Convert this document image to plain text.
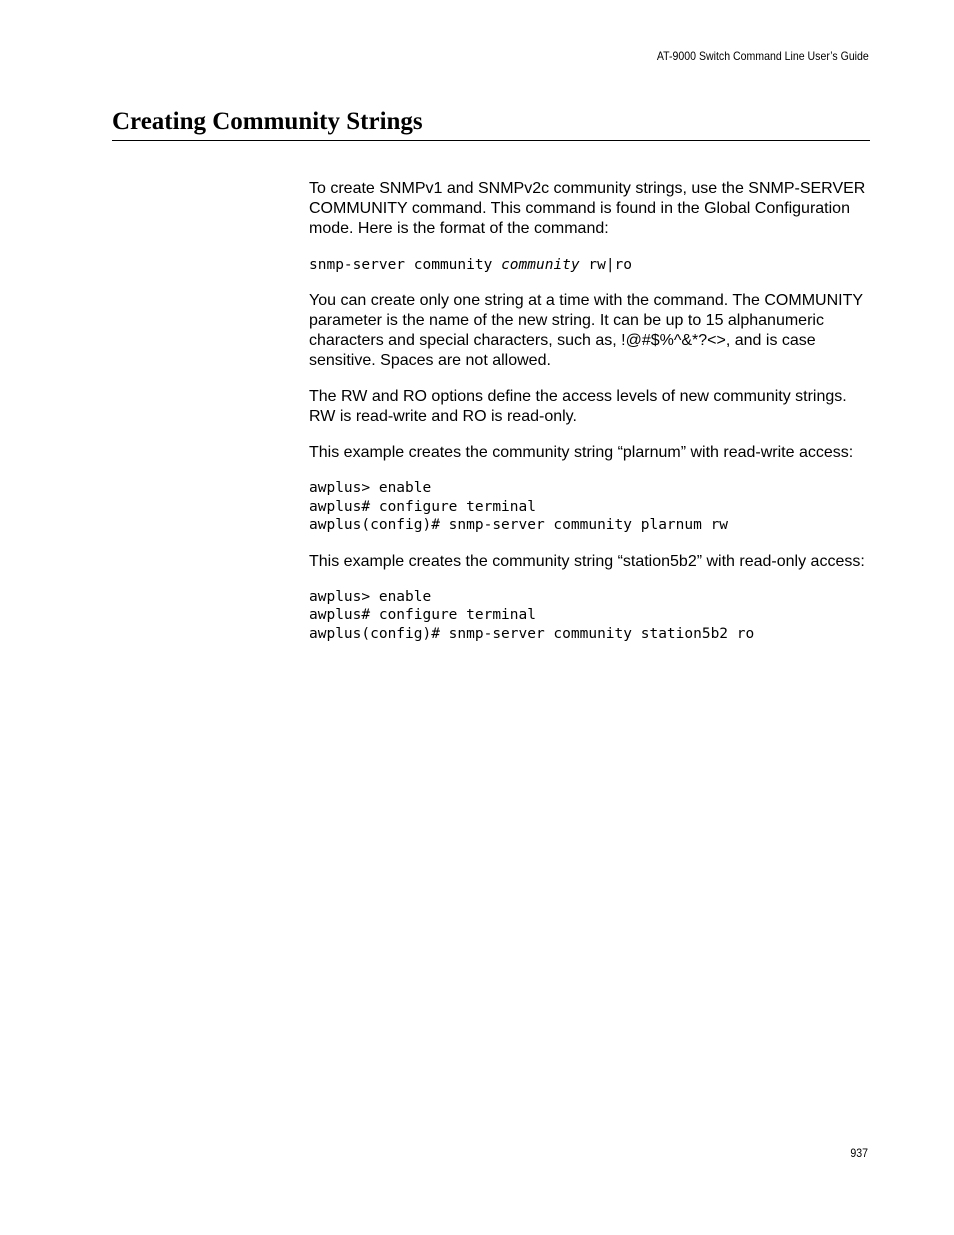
AT-9000 Switch Command Line User’s Guide
Creating Community Strings

To create SNMPv1 and SNMPv2c community strings, use the SNMP-SERVER COMMUNITY command. This command is found in the Global Configuration mode. Here is the format of the command:

snmp-server community community rw|ro

You can create only one string at a time with the command. The COMMUNITY parameter is the name of the new string. It can be up to 15 alphanumeric characters and special characters, such as, !@#$%^&*?<>, and is case sensitive. Spaces are not allowed.

The RW and RO options define the access levels of new community strings. RW is read-write and RO is read-only.

This example creates the community string “plarnum” with read-write access:

awplus> enable
awplus# configure terminal
awplus(config)# snmp-server community plarnum rw

This example creates the community string “station5b2” with read-only access:

awplus> enable
awplus# configure terminal
awplus(config)# snmp-server community station5b2 ro
937
